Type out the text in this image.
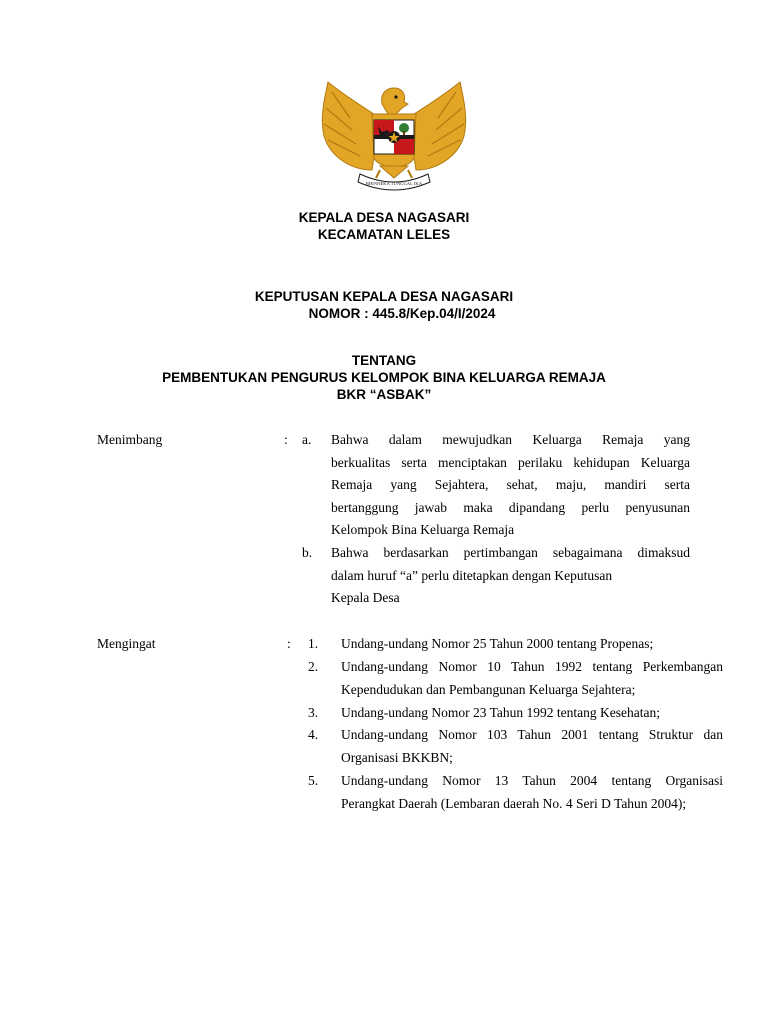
BHINNEKA TUNGGAL IKA
KEPALA DESA NAGASARI
KECAMATAN LELES
KEPUTUSAN KEPALA DESA NAGASARI
NOMOR : 445.8/Kep.04/I/2024
TENTANG
PEMBENTUKAN PENGURUS KELOMPOK BINA KELUARGA REMAJA
BKR “ASBAK”
Menimbang	: a. Bahwa dalam mewujudkan Keluarga Remaja yang
berkualitas serta menciptakan perilaku kehidupan Keluarga
Remaja yang Sejahtera, sehat, maju, mandiri serta
bertanggung jawab maka dipandang perlu penyusunan
Kelompok Bina Keluarga Remaja
b. Bahwa berdasarkan pertimbangan sebagaimana dimaksud
dalam huruf “a” perlu ditetapkan dengan Keputusan
Kepala Desa
Mengingat	: 1. Undang-undang Nomor 25 Tahun 2000 tentang Propenas;
2. Undang-undang Nomor 10 Tahun 1992 tentang Perkembangan
Kependudukan dan Pembangunan Keluarga Sejahtera;
3. Undang-undang Nomor 23 Tahun 1992 tentang Kesehatan;
4. Undang-undang Nomor 103 Tahun 2001 tentang Struktur dan
Organisasi BKKBN;
5. Undang-undang Nomor 13 Tahun 2004 tentang Organisasi
Perangkat Daerah (Lembaran daerah No. 4 Seri D Tahun 2004);
